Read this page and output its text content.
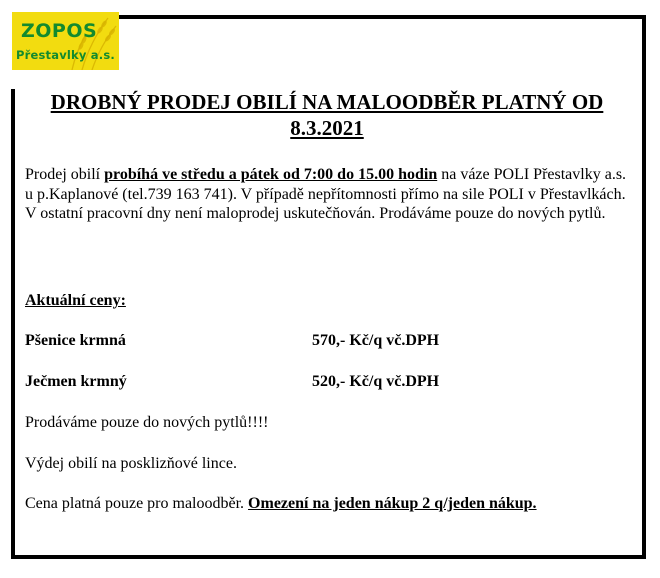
ZOPOS
Přestavlky a.s.
DROBNÝ PRODEJ OBILÍ NA MALOODBĚR PLATNÝ OD
8.3.2021
Prodej obilí probíhá ve středu a pátek od 7:00 do 15.00 hodin na váze POLI Přestavlky a.s. u p.Kaplanové (tel.739 163 741). V případě nepřítomnosti přímo na sile POLI v Přestavlkách. V ostatní pracovní dny není maloprodej uskutečňován. Prodáváme pouze do nových pytlů.
Aktuální ceny:
Pšenice krmná	570,- Kč/q vč.DPH
Ječmen krmný	520,- Kč/q vč.DPH
Prodáváme pouze do nových pytlů!!!!
Výdej obilí na posklizňové lince.
Cena platná pouze pro maloodběr. Omezení na jeden nákup 2 q/jeden nákup.
